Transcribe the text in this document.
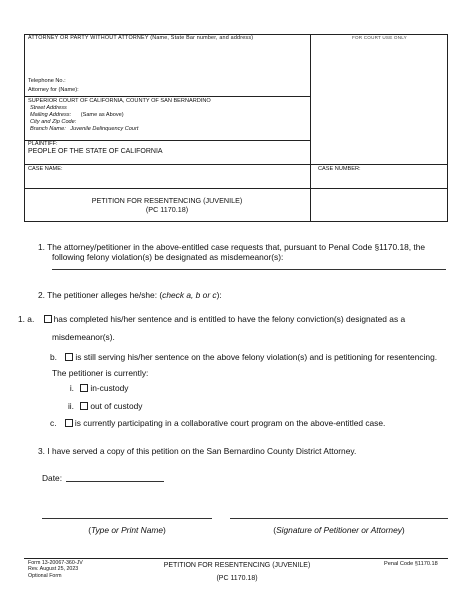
ATTORNEY OR PARTY WITHOUT ATTORNEY (Name, State Bar number, and address)	FOR COURT USE ONLY
Telephone No.:
Attorney for (Name):
SUPERIOR COURT OF CALIFORNIA, COUNTY OF SAN BERNARDINO
Street Address
Mailing Address: (Same as Above)
City and Zip Code:
Branch Name: Juvenile Delinquency Court
PLAINTIFF:
PEOPLE OF THE STATE OF CALIFORNIA
CASE NAME:	CASE NUMBER:
PETITION FOR RESENTENCING (JUVENILE)
(PC 1170.18)
1. The attorney/petitioner in the above-entitled case requests that, pursuant to Penal Code §1170.18, the
following felony violation(s) be designated as misdemeanor(s):
2. The petitioner alleges he/she: (check a, b or c):
1. a. has completed his/her sentence and is entitled to have the felony conviction(s) designated as a
misdemeanor(s).
b. is still serving his/her sentence on the above felony violation(s) and is petitioning for resentencing.
The petitioner is currently:
i. in-custody
ii. out of custody
c. is currently participating in a collaborative court program on the above-entitled case.
3. I have served a copy of this petition on the San Bernardino County District Attorney.
Date:
(Type or Print Name)	(Signature of Petitioner or Attorney)
Form 13-20067-360-JV
Rev. August 25, 2023
Optional Form
PETITION FOR RESENTENCING (JUVENILE)
(PC 1170.18)
Penal Code §1170.18
